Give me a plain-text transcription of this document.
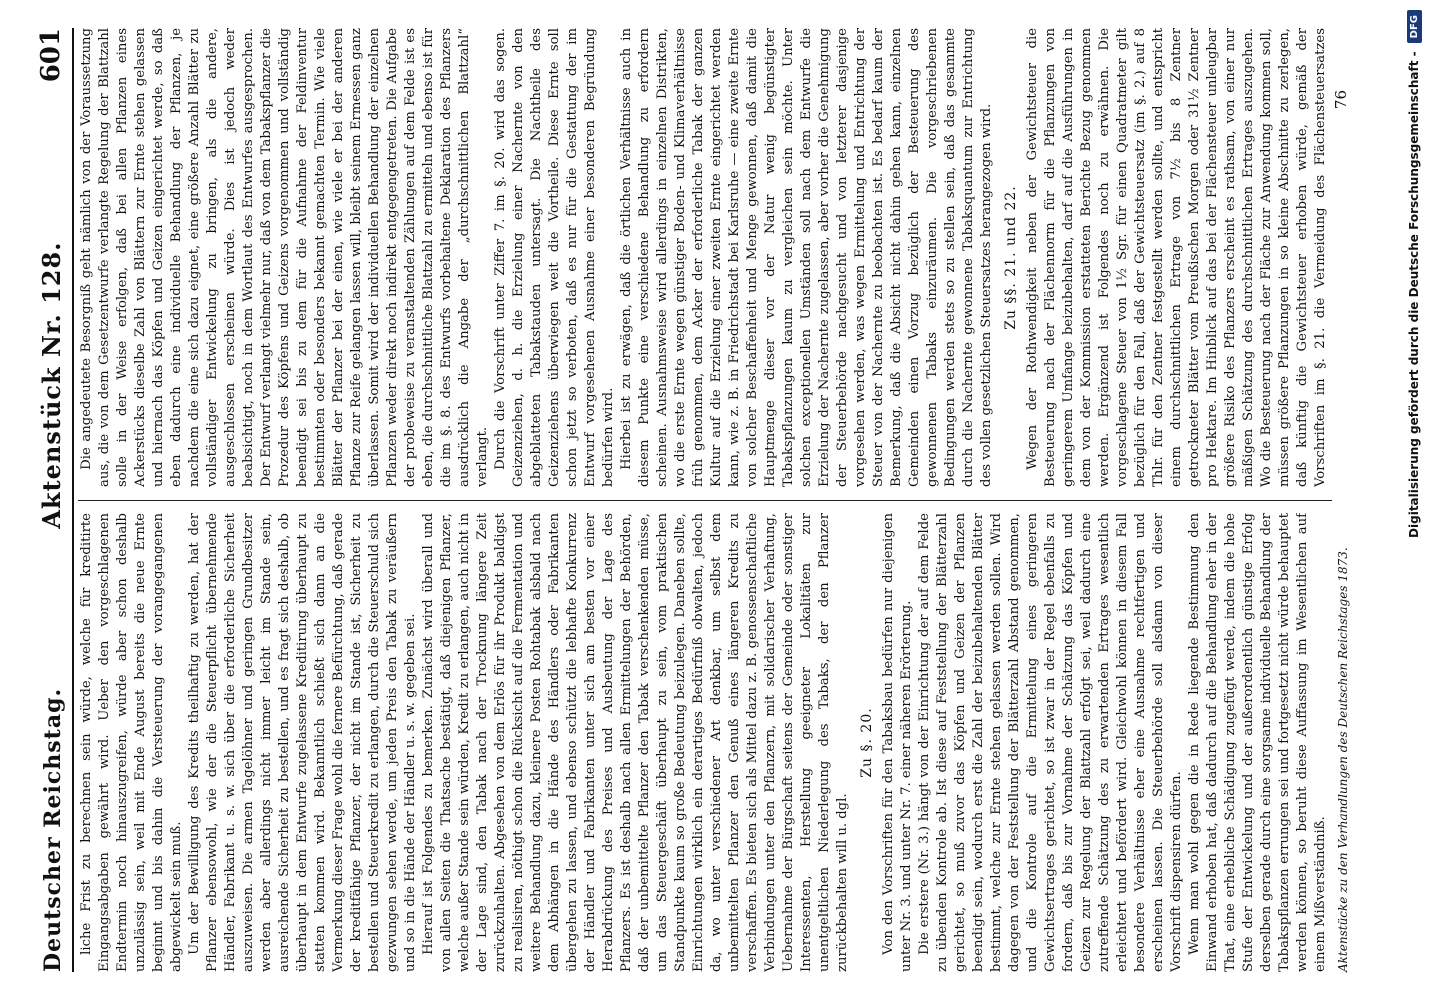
Deutscher Reichstag.
Aktenstück Nr. 128.
601

liche Frist zu berechnen sein würde, welche für kreditirte Eingangsabgaben gewährt wird. Ueber den vorgeschlagenen Endtermin noch hinauszugreifen, würde aber schon deshalb unzulässig sein, weil mit Ende August bereits die neue Ernte beginnt und bis dahin die Versteuerung der vorangegangenen abgewickelt sein muß. Um der Bewilligung des Kredits theilhaftig zu werden, hat der Pflanzer ebensowohl, wie der die Steuerpflicht übernehmende Händler, Fabrikant u. s. w. sich über die erforderliche Sicherheit auszuweisen. Die armen Tagelöhner und geringen Grundbesitzer werden aber allerdings nicht immer leicht im Stande sein, ausreichende Sicherheit zu bestellen, und es fragt sich deshalb, ob überhaupt in dem Entwurfe zugelassene Kreditirung überhaupt zu statten kommen wird. Bekanntlich schießt sich dann an die Vermerkung dieser Frage wohl die fernere Befürchtung, daß gerade der kreditfähige Pflanzer, der nicht im Stande ist, Sicherheit zu bestellen und Steuerkredit zu erlangen, durch die Steuerschuld sich gezwungen sehen werde, um jeden Preis den Tabak zu veräußern und so in die Hände der Händler u. s. w. gegeben sei. Hierauf ist Folgendes zu bemerken. Zunächst wird überall und von allen Seiten die Thatsache bestätigt, daß diejenigen Pflanzer, welche außer Stande sein würden, Kredit zu erlangen, auch nicht in der Lage sind, den Tabak nach der Trocknung längere Zeit zurückzuhalten. Abgesehen von dem Erlös für ihr Produkt baldigst zu realisiren, nöthigt schon die Rücksicht auf die Fermentation und weitere Behandlung dazu, kleinere Posten Rohtabak alsbald nach dem Abhängen in die Hände des Händlers oder Fabrikanten übergehen zu lassen, und ebenso schützt die lebhafte Konkurrenz der Händler und Fabrikanten unter sich am besten vor einer Herabdrückung des Preises und Ausbeutung der Lage des Pflanzers. Es ist deshalb nach allen Ermittelungen der Behörden, daß der unbemittelte Pflanzer den Tabak verschenkenden müsse, um das Steuergeschäft überhaupt zu sein, vom praktischen Standpunkte kaum so große Bedeutung beizulegen. Daneben sollte, Einrichtungen wirklich ein derartiges Bedürfniß obwalten, jedoch da, wo unter verschiedener Art denkbar, um selbst dem unbemittelten Pflanzer den Genuß eines längeren Kredits zu verschaffen. Es bieten sich als Mittel dazu z. B. genossenschaftliche Verbindungen unter den Pflanzern, mit solidarischer Verhaftung, Uebernahme der Bürgschaft seitens der Gemeinde oder sonstiger Interessenten, Herstellung geeigneter Lokalitäten zur unentgeltlichen Niederlegung des Tabaks, der den Pflanzer zurückbehalten will u. dgl.

Zu §. 20. Von den Vorschriften für den Tabaksbau bedürfen nur diejenigen unter Nr. 3. und unter Nr. 7. einer näheren Erörterung. Die erstere (Nr. 3.) hängt von der Einrichtung der auf dem Felde zu übenden Kontrole ab. Ist diese auf Feststellung der Blätterzahl gerichtet, so muß zuvor das Köpfen und Geizen der Pflanzen beendigt sein, wodurch erst die Zahl der beizubehaltenden Blätter bestimmt, welche zur Ernte stehen gelassen werden sollen. Wird dagegen von der Feststellung der Blätterzahl Abstand genommen, und die Kontrole auf die Ermittelung eines geringeren Gewichtsertrages gerichtet, so ist zwar in der Regel ebenfalls zu fordern, daß bis zur Vornahme der Schätzung das Köpfen und Geizen zur Regelung der Blattzahl erfolgt sei, weil dadurch eine zutreffende Schätzung des zu erwartenden Ertrages wesentlich erleichtert und befördert wird. Gleichwohl können in diesem Fall besondere Verhältnisse eher eine Ausnahme rechtfertigen und erscheinen lassen. Die Steuerbehörde soll alsdann von dieser Vorschrift dispensiren dürfen. Wenn man wohl gegen die in Rede liegende Bestimmung den Einwand erhoben hat, daß dadurch auf die Behandlung eher in der That, eine erhebliche Schädigung zugefügt werde, indem die hohe Stufe der Entwickelung und der außerordentlich günstige Erfolg derselben gerade durch eine sorgsame individuelle Behandlung der Tabakspflanzen errungen sei und fortgesetzt nicht würde behauptet werden können, so beruht diese Auffassung im Wesentlichen auf einem Mißverständniß.

Die angedeutete Besorgniß geht nämlich von der Voraussetzung aus, die von dem Gesetzentwurfe verlangte Regelung der Blattzahl solle in der Weise erfolgen, daß bei allen Pflanzen eines Ackerstücks dieselbe Zahl von Blättern zur Ernte stehen gelassen und hiernach das Köpfen und Geizen eingerichtet werde, so daß eben dadurch eine individuelle Behandlung der Pflanzen, je nachdem die eine sich dazu eignet, eine größere Anzahl Blätter zu vollständiger Entwickelung zu bringen, als die andere, ausgeschlossen erscheinen würde. Dies ist jedoch weder beabsichtigt, noch in dem Wortlaut des Entwurfes ausgesprochen. Der Entwurf verlangt vielmehr nur, daß von dem Tabakspflanzer die Prozedur des Köpfens und Geizens vorgenommen und vollständig beendigt sei bis zu dem für die Aufnahme der Feldinventur bestimmten oder besonders bekannt gemachten Termin. Wie viele Blätter der Pflanzer bei der einen, wie viele er bei der anderen Pflanze zur Reife gelangen lassen will, bleibt seinem Ermessen ganz überlassen. Somit wird der individuellen Behandlung der einzelnen Pflanzen weder direkt noch indirekt entgegengetreten. Die Aufgabe der probeweise zu veranstaltenden Zählungen auf dem Felde ist es eben, die durchschnittliche Blattzahl zu ermitteln und ebenso ist für die im §. 8. des Entwurfs vorbehaltene Deklaration des Pflanzers ausdrücklich die Angabe der „durchschnittlichen Blattzahl“ verlangt. Durch die Vorschrift unter Ziffer 7. im §. 20. wird das sogen. Geizenziehen, d. h. die Erzielung einer Nachernte von den abgeblatteten Tabakstauden untersagt. Die Nachtheile des Geizenziehens überwiegen weit die Vortheile. Diese Ernte soll schon jetzt so verboten, daß es nur für die Gestattung der im Entwurf vorgesehenen Ausnahme einer besonderen Begründung bedürfen wird. Hierbei ist zu erwägen, daß die örtlichen Verhältnisse auch in diesem Punkte eine verschiedene Behandlung zu erfordern scheinen. Ausnahmsweise wird allerdings in einzelnen Distrikten, wo die erste Ernte wegen günstiger Boden- und Klimaverhältnisse früh genommen, dem Acker der erforderliche Tabak der ganzen Kultur auf die Erzielung einer zweiten Ernte eingerichtet werden kann, wie z. B. in Friedrichstadt bei Karlsruhe — eine zweite Ernte von solcher Beschaffenheit und Menge gewonnen, daß damit die Hauptmenge dieser vor der Natur wenig begünstigter Tabakspflanzungen kaum zu vergleichen sein möchte. Unter solchen exceptionellen Umständen soll nach dem Entwurfe die Erzielung der Nachernte zugelassen, aber vorher die Genehmigung der Steuerbehörde nachgesucht und von letzterer dasjenige vorgesehen werden, was wegen Ermittelung und Entrichtung der Steuer von der Nachernte zu beobachten ist. Es bedarf kaum der Bemerkung, daß die Absicht nicht dahin gehen kann, einzelnen Gemeinden einen Vorzug bezüglich der Besteuerung des gewonnenen Tabaks einzuräumen. Die vorgeschriebenen Bedingungen werden stets so zu stellen sein, daß das gesammte durch die Nachernte gewonnene Tabaksquantum zur Entrichtung des vollen gesetzlichen Steuersatzes herangezogen wird. Zu §§. 21. und 22.

Wegen der Rothwendigkeit neben der Gewichtsteuer die Besteuerung nach der Flächennorm für die Pflanzungen von geringerem Umfange beizubehalten, darf auf die Ausführungen in dem von der Kommission erstatteten Berichte Bezug genommen werden. Ergänzend ist Folgendes noch zu erwähnen. Die vorgeschlagene Steuer von 1½ Sgr. für einen Quadratmeter gilt bezüglich für den Fall, daß der Gewichtsteuersatz (im §. 2.) auf 8 Thlr. für den Zentner festgestellt werden sollte, und entspricht einem durchschnittlichen Ertrage von 7½ bis 8 Zentner getrockneter Blätter vom Preußischen Morgen oder 31½ Zentner pro Hektare. Im Hinblick auf das bei der Flächensteuer unleugbar größere Risiko des Pflanzers erscheint es rathsam, von einer nur mäßigen Schätzung des durchschnittlichen Ertrages auszugehen. Wo die Besteuerung nach der Fläche zur Anwendung kommen soll, müssen größere Pflanzungen in so kleine Abschnitte zu zerlegen, daß künftig die Gewichtsteuer erhoben würde, gemäß der Vorschriften im §. 21. die Vermeidung des Flächensteuersatzes

Aktenstücke zu den Verhandlungen des Deutschen Reichstages 1873.
76	Digitalisierung gefördert durch die Deutsche Forschungsgemeinschaft -
DFG
